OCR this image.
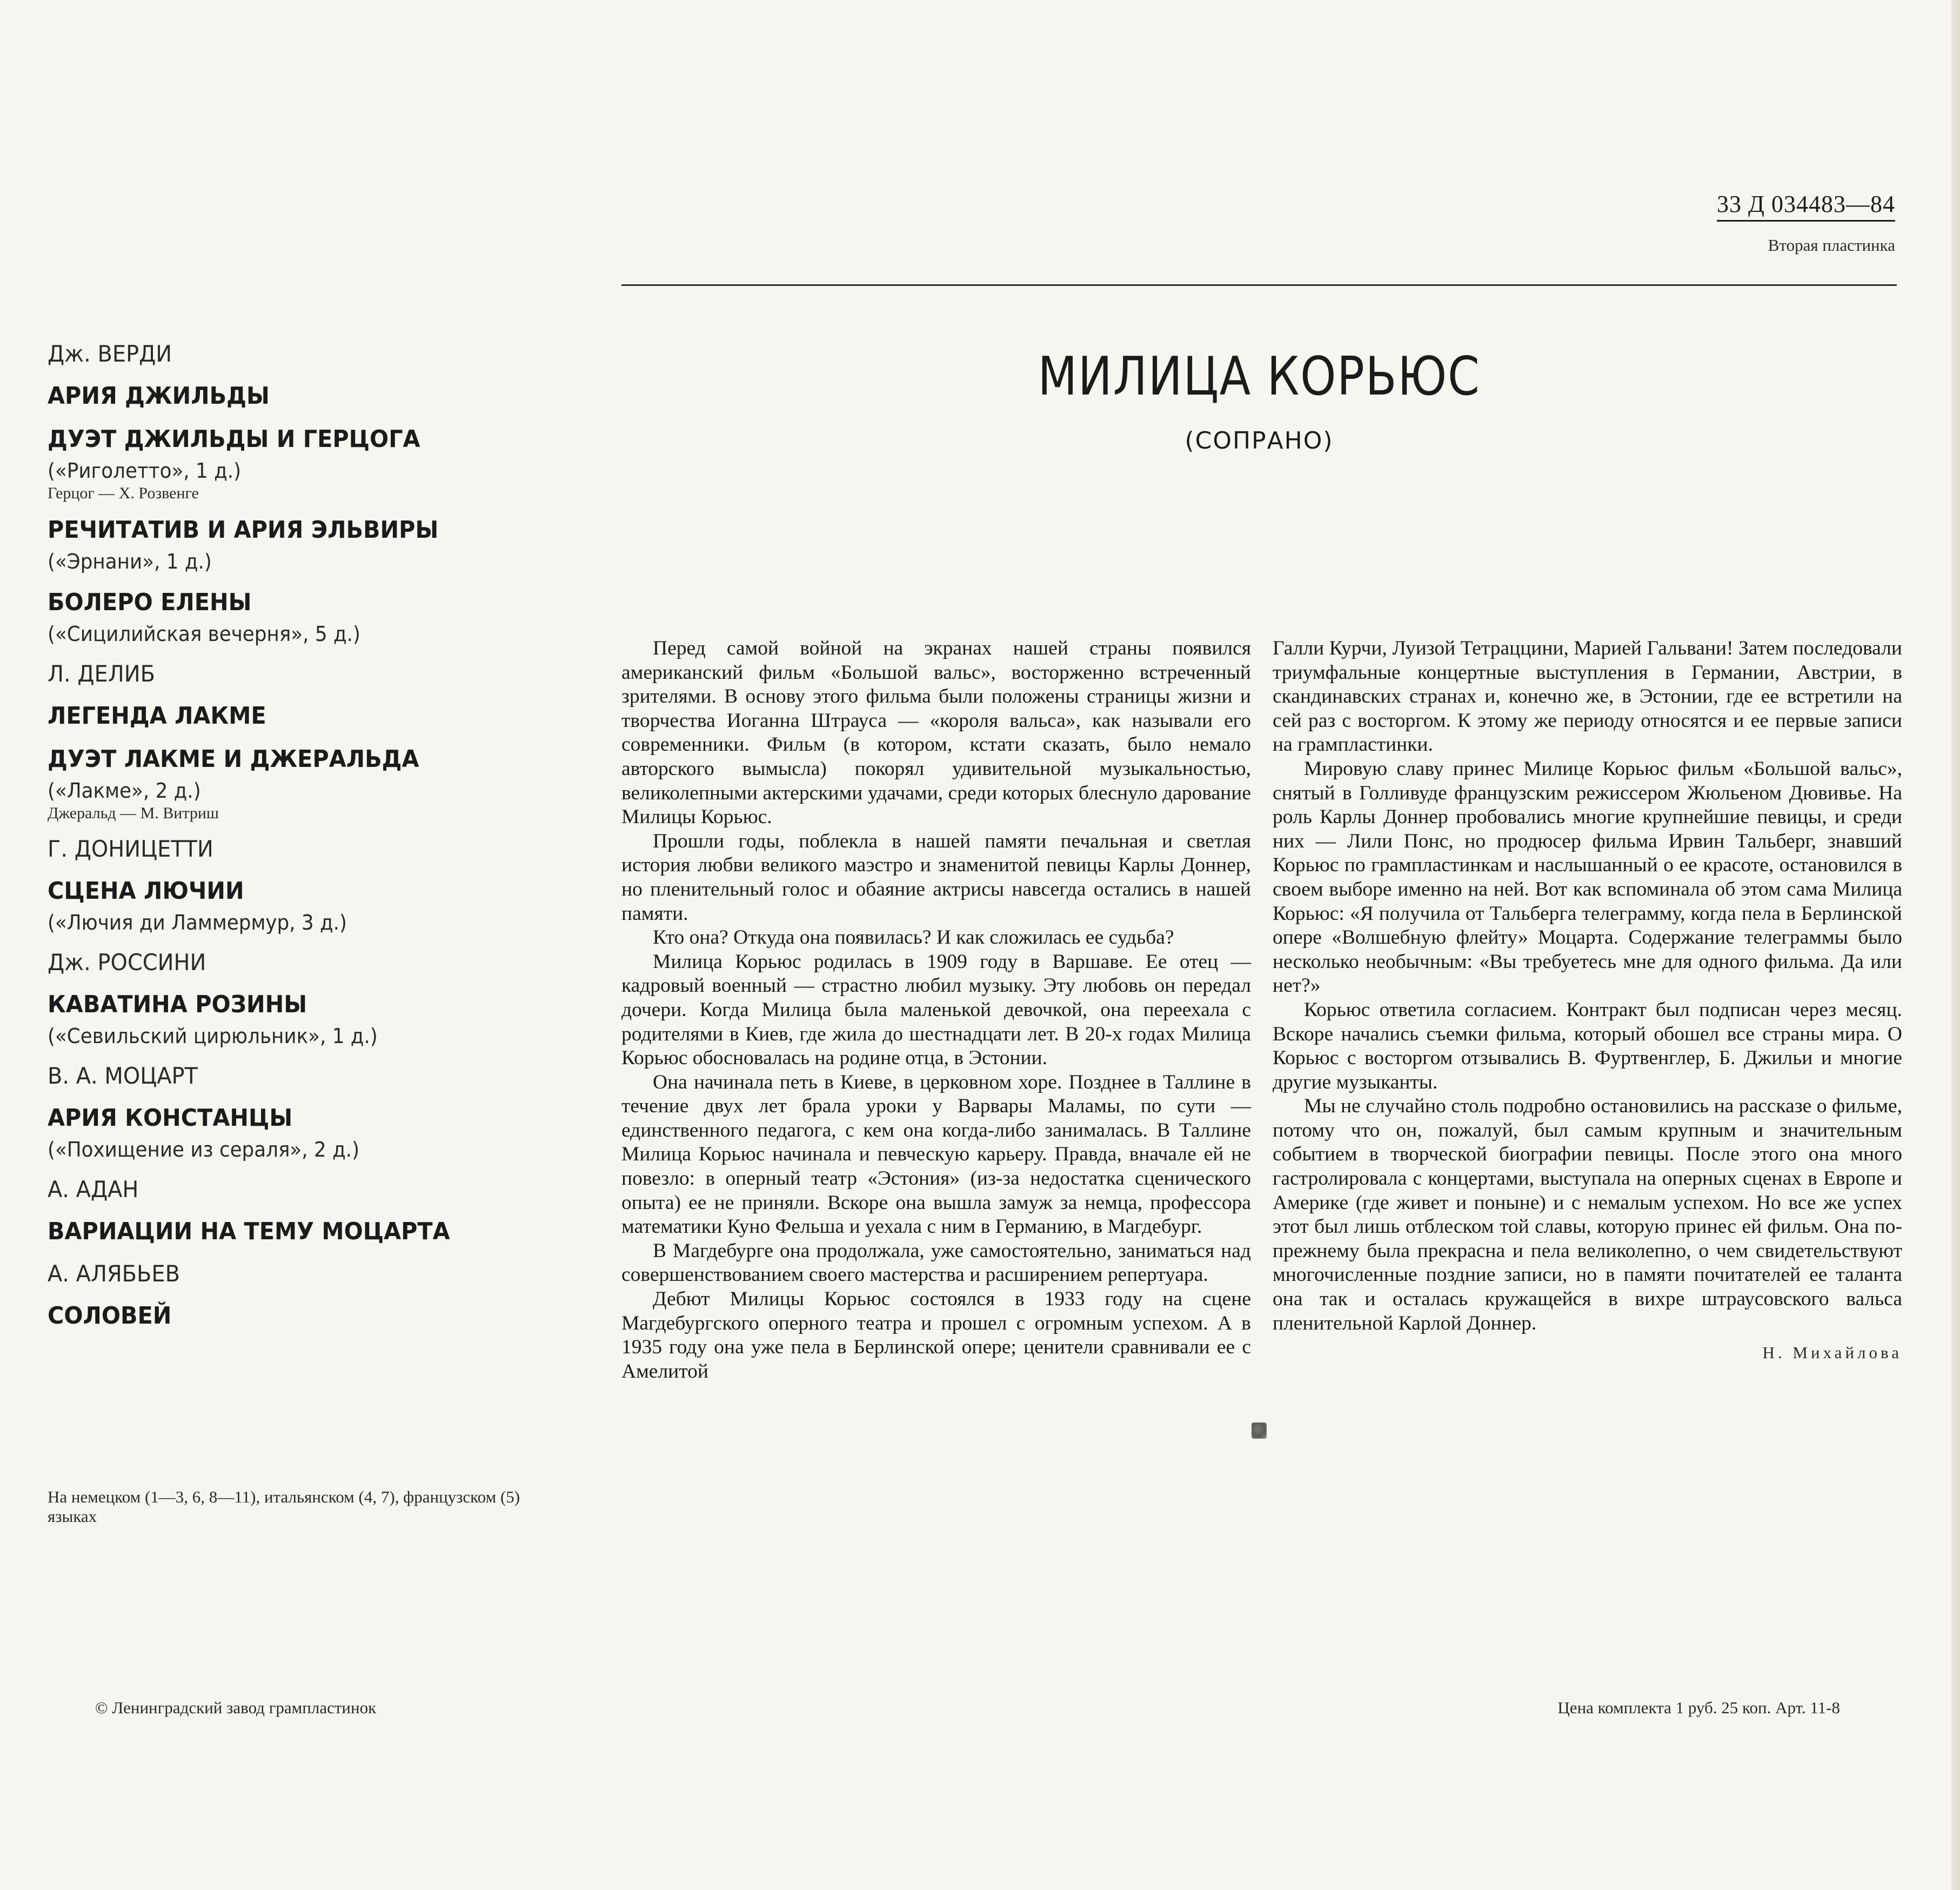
33 Д 034483—84
Вторая пластинка
МИЛИЦА КОРЬЮС
(СОПРАНО)
Дж. ВЕРДИ
АРИЯ ДЖИЛЬДЫ
ДУЭТ ДЖИЛЬДЫ И ГЕРЦОГА
(«Риголетто», 1 д.)
Герцог — X. Розвенге
РЕЧИТАТИВ И АРИЯ ЭЛЬВИРЫ
(«Эрнани», 1 д.)
БОЛЕРО ЕЛЕНЫ
(«Сицилийская вечерня», 5 д.)
Л. ДЕЛИБ
ЛЕГЕНДА ЛАКМЕ
ДУЭТ ЛАКМЕ И ДЖЕРАЛЬДА
(«Лакме», 2 д.)
Джеральд — М. Витриш
Г. ДОНИЦЕТТИ
СЦЕНА ЛЮЧИИ
(«Лючия ди Ламмермур, 3 д.)
Дж. РОССИНИ
КАВАТИНА РОЗИНЫ
(«Севильский цирюльник», 1 д.)
В. А. МОЦАРТ
АРИЯ КОНСТАНЦЫ
(«Похищение из сераля», 2 д.)
А. АДАН
ВАРИАЦИИ НА ТЕМУ МОЦАРТА
А. АЛЯБЬЕВ
СОЛОВЕЙ
На немецком (1—3, 6, 8—11), итальянском (4, 7), французском (5) языках

Перед самой войной на экранах нашей страны появился американский фильм «Большой вальс», восторженно встреченный зрителями. В основу этого фильма были положены страницы жизни и творчества Иоганна Штрауса — «короля вальса», как называли его современники. Фильм (в котором, кстати сказать, было немало авторского вымысла) покорял удивительной музыкальностью, великолепными актерскими удачами, среди которых блеснуло дарование Милицы Корьюс.

Прошли годы, поблекла в нашей памяти печальная и светлая история любви великого маэстро и знаменитой певицы Карлы Доннер, но пленительный голос и обаяние актрисы навсегда остались в нашей памяти.

Кто она? Откуда она появилась? И как сложилась ее судьба?

Милица Корьюс родилась в 1909 году в Варшаве. Ее отец — кадровый военный — страстно любил музыку. Эту любовь он передал дочери. Когда Милица была маленькой девочкой, она переехала с родителями в Киев, где жила до шестнадцати лет. В 20-х годах Милица Корьюс обосновалась на родине отца, в Эстонии.

Она начинала петь в Киеве, в церковном хоре. Позднее в Таллине в течение двух лет брала уроки у Варвары Маламы, по сути — единственного педагога, с кем она когда-либо занималась. В Таллине Милица Корьюс начинала и певческую карьеру. Правда, вначале ей не повезло: в оперный театр «Эстония» (из-за недостатка сценического опыта) ее не приняли. Вскоре она вышла замуж за немца, профессора математики Куно Фельша и уехала с ним в Германию, в Магдебург.

В Магдебурге она продолжала, уже самостоятельно, заниматься над совершенствованием своего мастерства и расширением репертуара.

Дебют Милицы Корьюс состоялся в 1933 году на сцене Магдебургского оперного театра и прошел с огромным успехом. А в 1935 году она уже пела в Берлинской опере; ценители сравнивали ее с Амелитой

Галли Курчи, Луизой Тетраццини, Марией Гальвани! Затем последовали триумфальные концертные выступления в Германии, Австрии, в скандинавских странах и, конечно же, в Эстонии, где ее встретили на сей раз с восторгом. К этому же периоду относятся и ее первые записи на грампластинки.

Мировую славу принес Милице Корьюс фильм «Большой вальс», снятый в Голливуде французским режиссером Жюльеном Дювивье. На роль Карлы Доннер пробовались многие крупнейшие певицы, и среди них — Лили Понс, но продюсер фильма Ирвин Тальберг, знавший Корьюс по грампластинкам и наслышанный о ее красоте, остановился в своем выборе именно на ней. Вот как вспоминала об этом сама Милица Корьюс: «Я получила от Тальберга телеграмму, когда пела в Берлинской опере «Волшебную флейту» Моцарта. Содержание телеграммы было несколько необычным: «Вы требуетесь мне для одного фильма. Да или нет?»

Корьюс ответила согласием. Контракт был подписан через месяц. Вскоре начались съемки фильма, который обошел все страны мира. О Корьюс с восторгом отзывались В. Фуртвенглер, Б. Джильи и многие другие музыканты.

Мы не случайно столь подробно остановились на рассказе о фильме, потому что он, пожалуй, был самым крупным и значительным событием в творческой биографии певицы. После этого она много гастролировала с концертами, выступала на оперных сценах в Европе и Америке (где живет и поныне) и с немалым успехом. Но все же успех этот был лишь отблеском той славы, которую принес ей фильм. Она по-прежнему была прекрасна и пела великолепно, о чем свидетельствуют многочисленные поздние записи, но в памяти почитателей ее таланта она так и осталась кружащейся в вихре штраусовского вальса пленительной Карлой Доннер.

Н. Михайлова
© Ленинградский завод грампластинок	Цена комплекта 1 руб. 25 коп. Арт. 11-8
